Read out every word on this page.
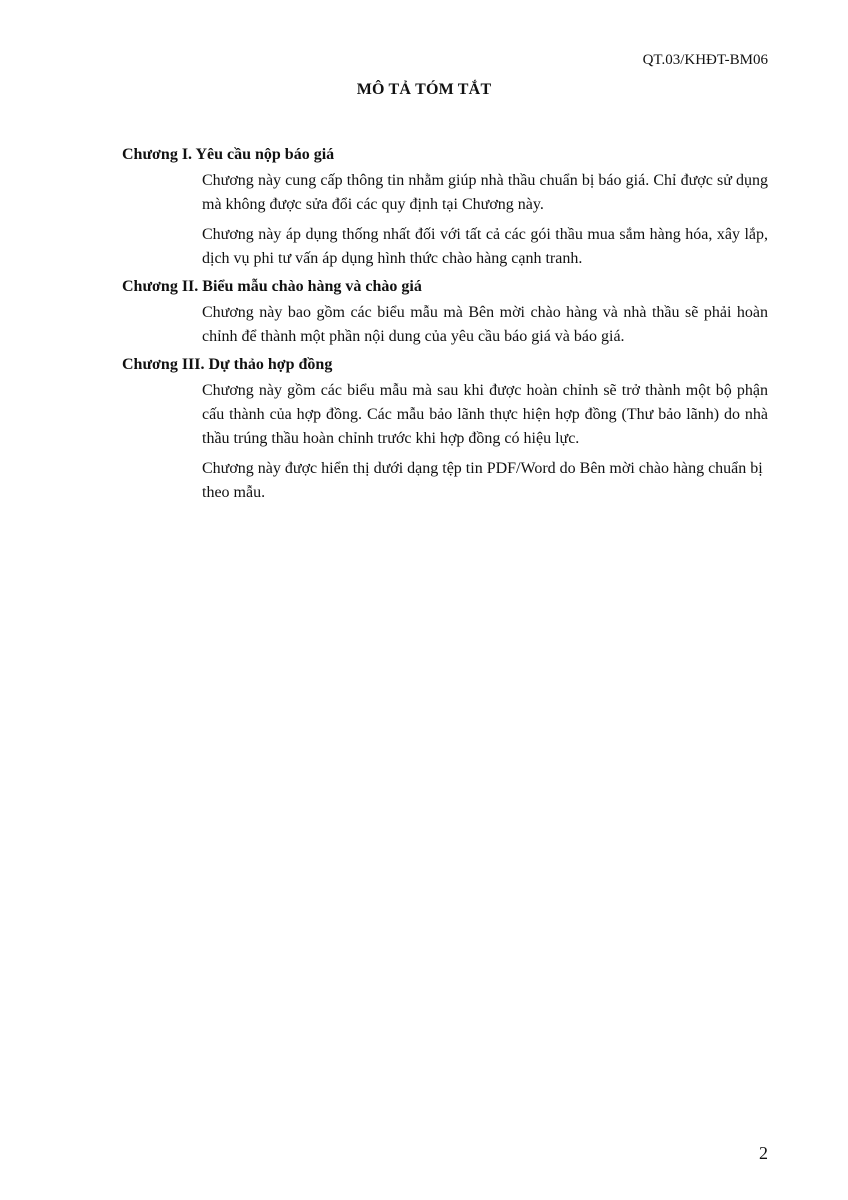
QT.03/KHĐT-BM06
MÔ TẢ TÓM TẮT
Chương I. Yêu cầu nộp báo giá

Chương này cung cấp thông tin nhằm giúp nhà thầu chuẩn bị báo giá. Chỉ được sử dụng mà không được sửa đổi các quy định tại Chương này.

Chương này áp dụng thống nhất đối với tất cả các gói thầu mua sắm hàng hóa, xây lắp, dịch vụ phi tư vấn áp dụng hình thức chào hàng cạnh tranh.

Chương II. Biểu mẫu chào hàng và chào giá

Chương này bao gồm các biểu mẫu mà Bên mời chào hàng và nhà thầu sẽ phải hoàn chỉnh để thành một phần nội dung của yêu cầu báo giá và báo giá.

Chương III. Dự thảo hợp đồng

Chương này gồm các biểu mẫu mà sau khi được hoàn chỉnh sẽ trở thành một bộ phận cấu thành của hợp đồng. Các mẫu bảo lãnh thực hiện hợp đồng (Thư bảo lãnh) do nhà thầu trúng thầu hoàn chỉnh trước khi hợp đồng có hiệu lực.

Chương này được hiển thị dưới dạng tệp tin PDF/Word do Bên mời chào hàng chuẩn bị theo mẫu.

2
